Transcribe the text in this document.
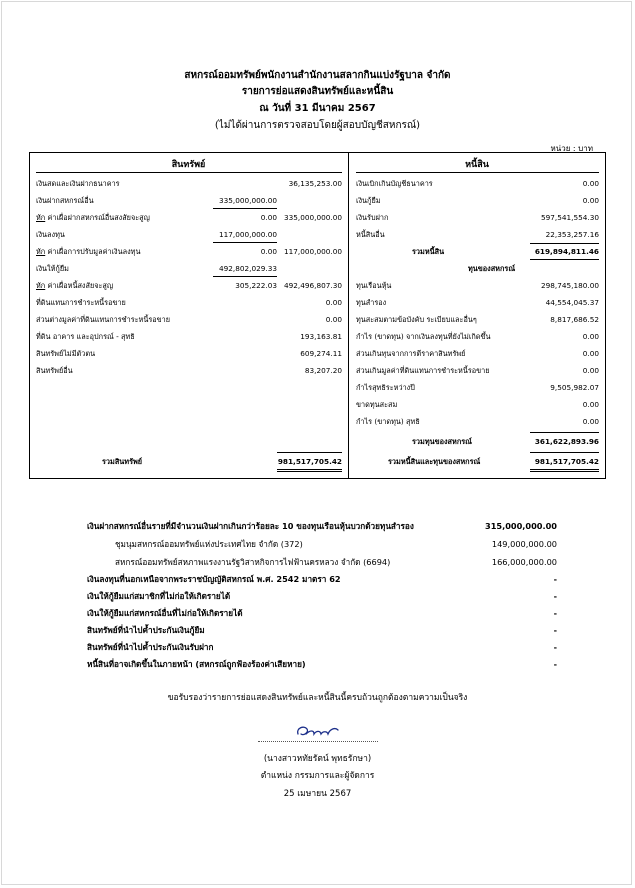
สหกรณ์ออมทรัพย์พนักงานสำนักงานสลากกินแบ่งรัฐบาล จำกัด
รายการย่อแสดงสินทรัพย์และหนี้สิน
ณ วันที่ 31 มีนาคม 2567
(ไม่ได้ผ่านการตรวจสอบโดยผู้สอบบัญชีสหกรณ์)
หน่วย : บาท
สินทรัพย์	หนี้สิน
เงินสดและเงินฝากธนาคาร	36,135,253.00
เงินฝากสหกรณ์อื่น	335,000,000.00
หัก ค่าเผื่อฝากสหกรณ์อื่นสงสัยจะสูญ	0.00 335,000,000.00
เงินลงทุน	117,000,000.00
หัก ค่าเผื่อการปรับมูลค่าเงินลงทุน	0.00 117,000,000.00
เงินให้กู้ยืม	492,802,029.33
หัก ค่าเผื่อหนี้สงสัยจะสูญ	305,222.03 492,496,807.30
ที่ดินแทนการชำระหนี้รอขาย	0.00
ส่วนต่างมูลค่าที่ดินแทนการชำระหนี้รอขาย	0.00
ที่ดิน อาคาร และอุปกรณ์ - สุทธิ	193,163.81
สินทรัพย์ไม่มีตัวตน	609,274.11
สินทรัพย์อื่น	83,207.20
รวมสินทรัพย์	981,517,705.42
เงินเบิกเกินบัญชีธนาคาร	0.00
เงินกู้ยืม	0.00
เงินรับฝาก	597,541,554.30
หนี้สินอื่น	22,353,257.16
รวมหนี้สิน	619,894,811.46
ทุนของสหกรณ์
ทุนเรือนหุ้น	298,745,180.00
ทุนสำรอง	44,554,045.37
ทุนสะสมตามข้อบังคับ ระเบียบและอื่นๆ	8,817,686.52
กำไร (ขาดทุน) จากเงินลงทุนที่ยังไม่เกิดขึ้น	0.00
ส่วนเกินทุนจากการตีราคาสินทรัพย์	0.00
ส่วนเกินมูลค่าที่ดินแทนการชำระหนี้รอขาย	0.00
กำไรสุทธิระหว่างปี	9,505,982.07
ขาดทุนสะสม	0.00
กำไร (ขาดทุน) สุทธิ	0.00
รวมทุนของสหกรณ์	361,622,893.96
รวมหนี้สินและทุนของสหกรณ์	981,517,705.42
เงินฝากสหกรณ์อื่นรายที่มีจำนวนเงินฝากเกินกว่าร้อยละ 10 ของทุนเรือนหุ้นบวกด้วยทุนสำรอง	315,000,000.00
ชุมนุมสหกรณ์ออมทรัพย์แห่งประเทศไทย จำกัด (372)	149,000,000.00
สหกรณ์ออมทรัพย์สหภาพแรงงานรัฐวิสาหกิจการไฟฟ้านครหลวง จำกัด (6694)	166,000,000.00
เงินลงทุนที่นอกเหนือจากพระราชบัญญัติสหกรณ์ พ.ศ. 2542 มาตรา 62	-
เงินให้กู้ยืมแก่สมาชิกที่ไม่ก่อให้เกิดรายได้	-
เงินให้กู้ยืมแก่สหกรณ์อื่นที่ไม่ก่อให้เกิดรายได้	-
สินทรัพย์ที่นำไปค้ำประกันเงินกู้ยืม	-
สินทรัพย์ที่นำไปค้ำประกันเงินรับฝาก	-
หนี้สินที่อาจเกิดขึ้นในภายหน้า (สหกรณ์ถูกฟ้องร้องค่าเสียหาย)	-
ขอรับรองว่ารายการย่อแสดงสินทรัพย์และหนี้สินนี้ครบถ้วนถูกต้องตามความเป็นจริง
(นางสาวหทัยรัตน์ พุทธรักษา)
ตำแหน่ง กรรมการและผู้จัดการ
25 เมษายน 2567
